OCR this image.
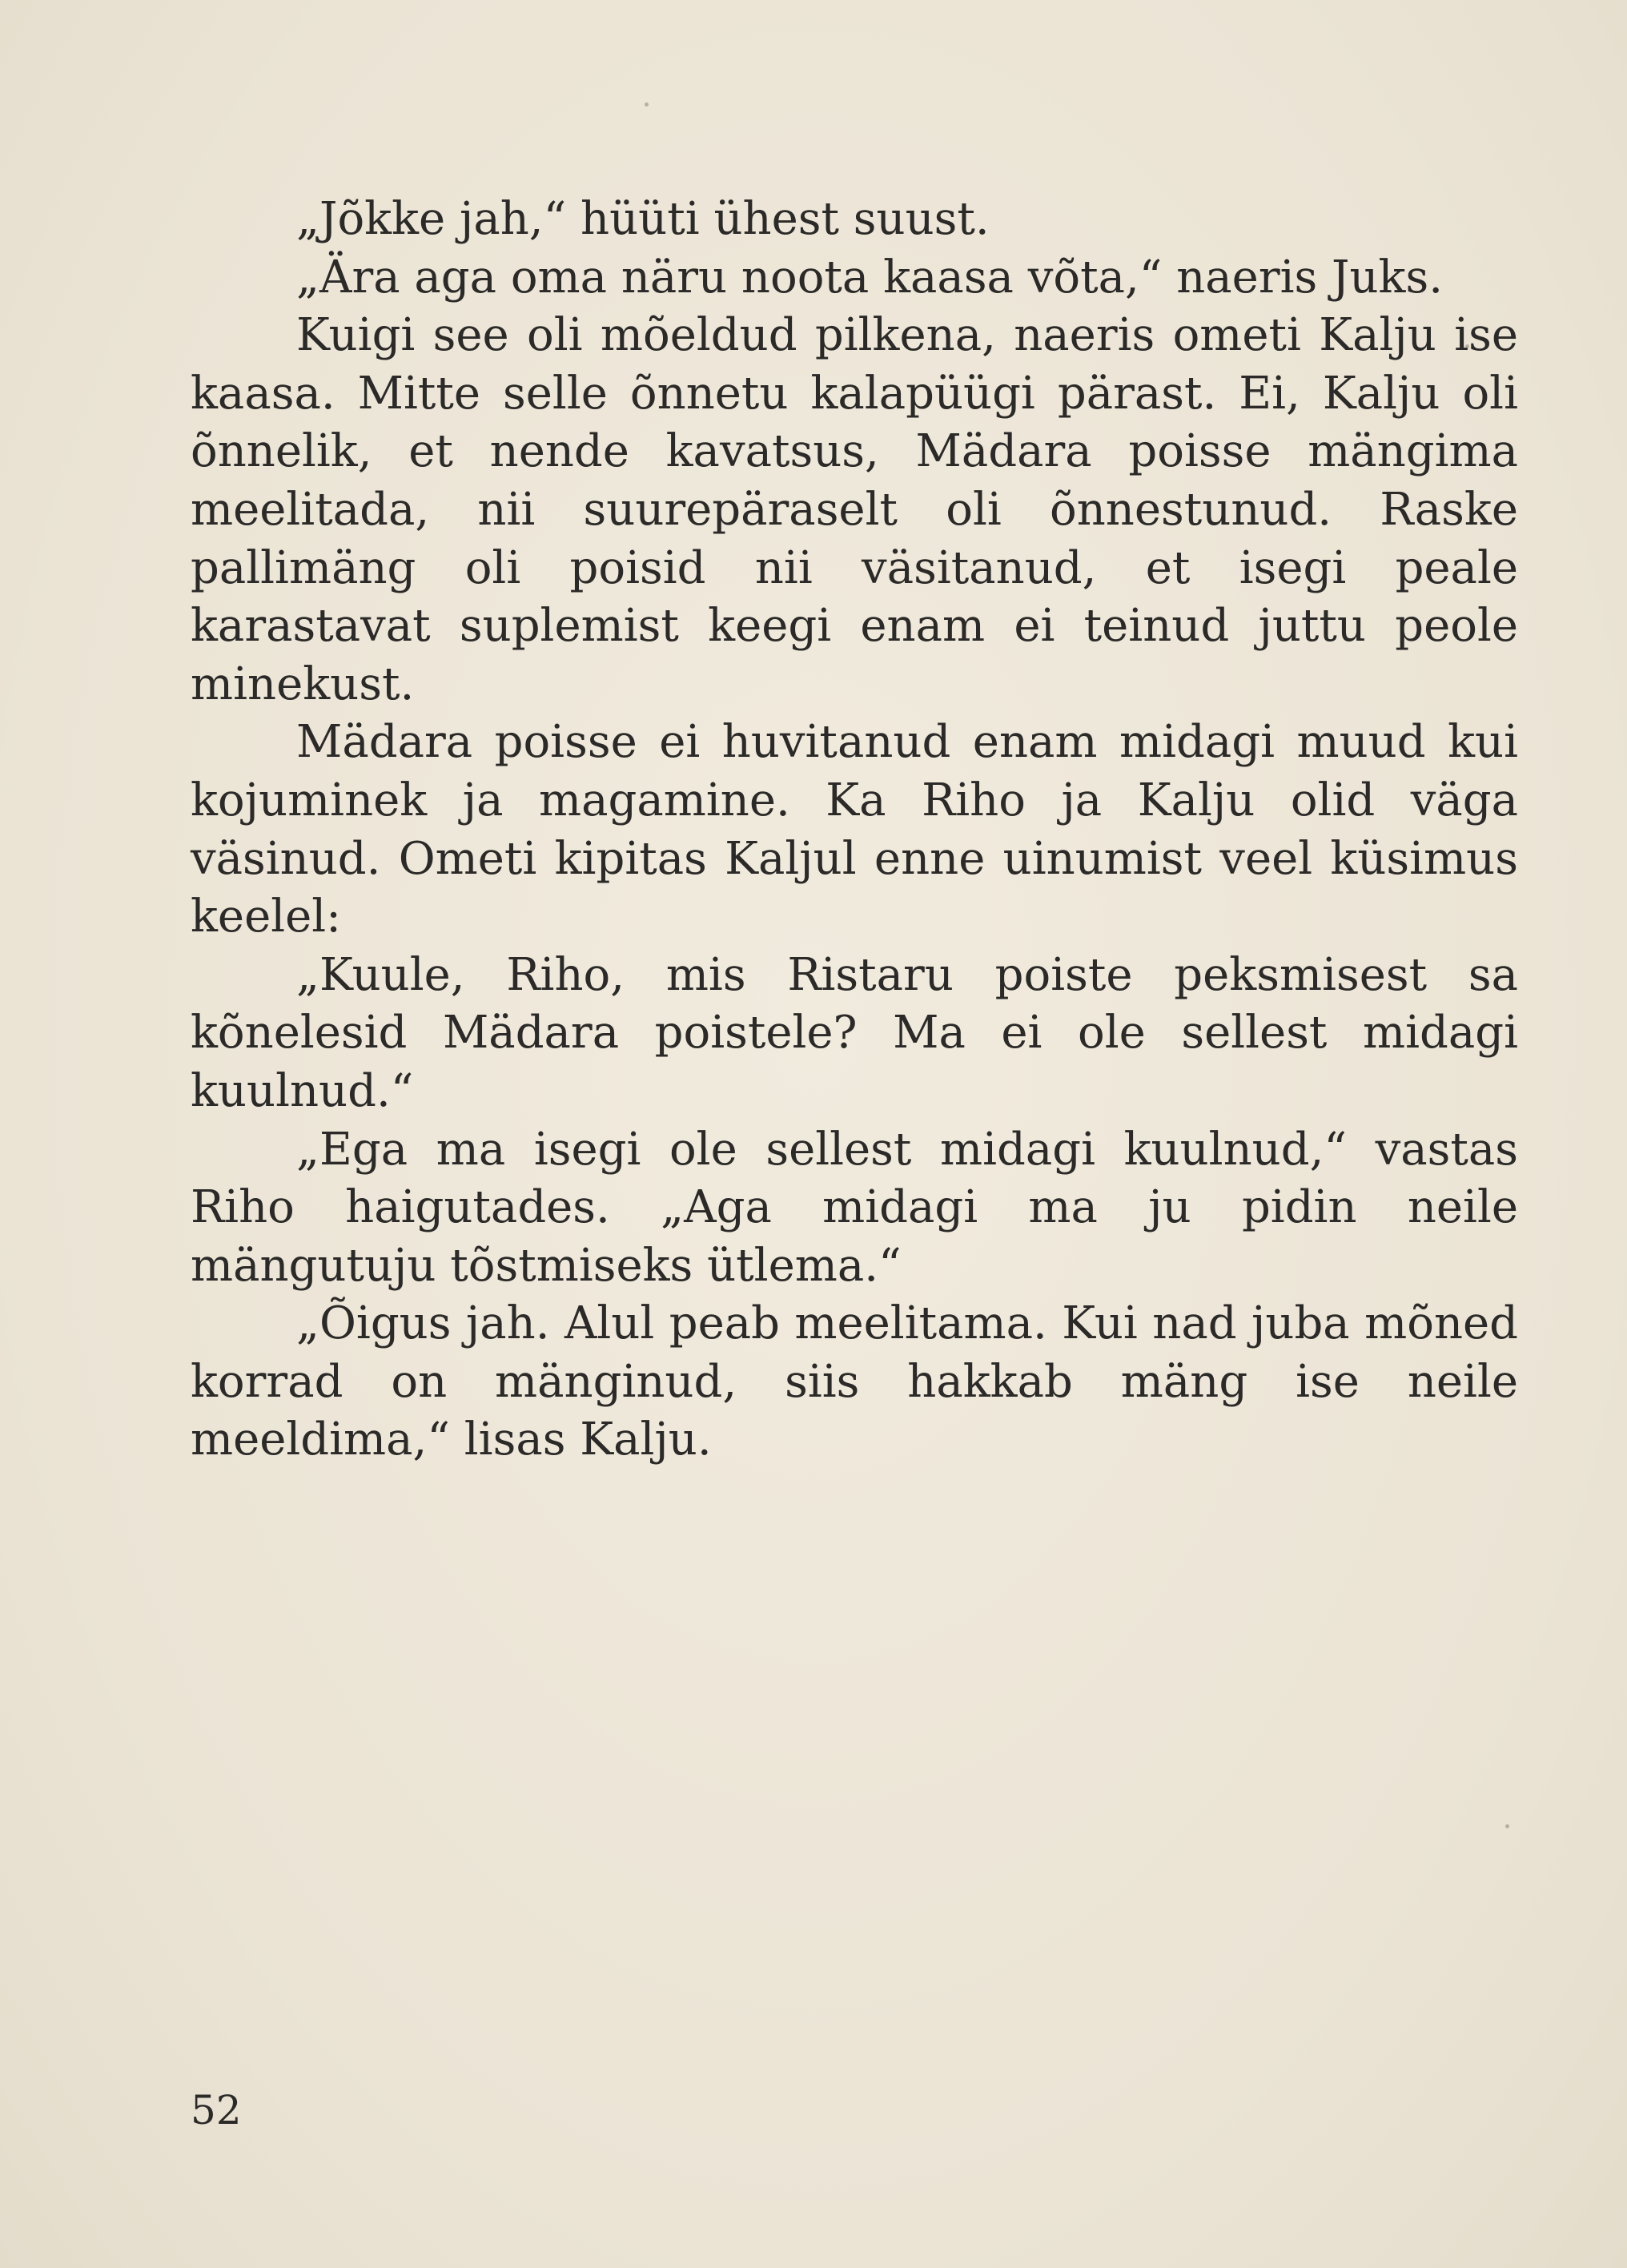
„Jõkke jah,“ hüüti ühest suust.

„Ära aga oma näru noota kaasa võta,“ naeris Juks.

Kuigi see oli mõeldud pilkena, naeris ometi Kalju ise kaasa. Mitte selle õnnetu kalapüügi pärast. Ei, Kalju oli õnnelik, et nende kavatsus, Mädara poisse mängima meelitada, nii suurepäraselt oli õnnestunud. Raske pallimäng oli poisid nii väsitanud, et isegi peale karastavat suplemist keegi enam ei teinud juttu peole minekust.

Mädara poisse ei huvitanud enam midagi muud kui kojuminek ja magamine. Ka Riho ja Kalju olid väga väsinud. Ometi kipitas Kaljul enne uinumist veel küsimus keelel:

„Kuule, Riho, mis Ristaru poiste peksmisest sa kõnelesid Mädara poistele? Ma ei ole sellest midagi kuulnud.“

„Ega ma isegi ole sellest midagi kuulnud,“ vastas Riho haigutades. „Aga midagi ma ju pidin neile mängutuju tõstmiseks ütlema.“

„Õigus jah. Alul peab meelitama. Kui nad juba mõned korrad on mänginud, siis hakkab mäng ise neile meeldima,“ lisas Kalju.

52
